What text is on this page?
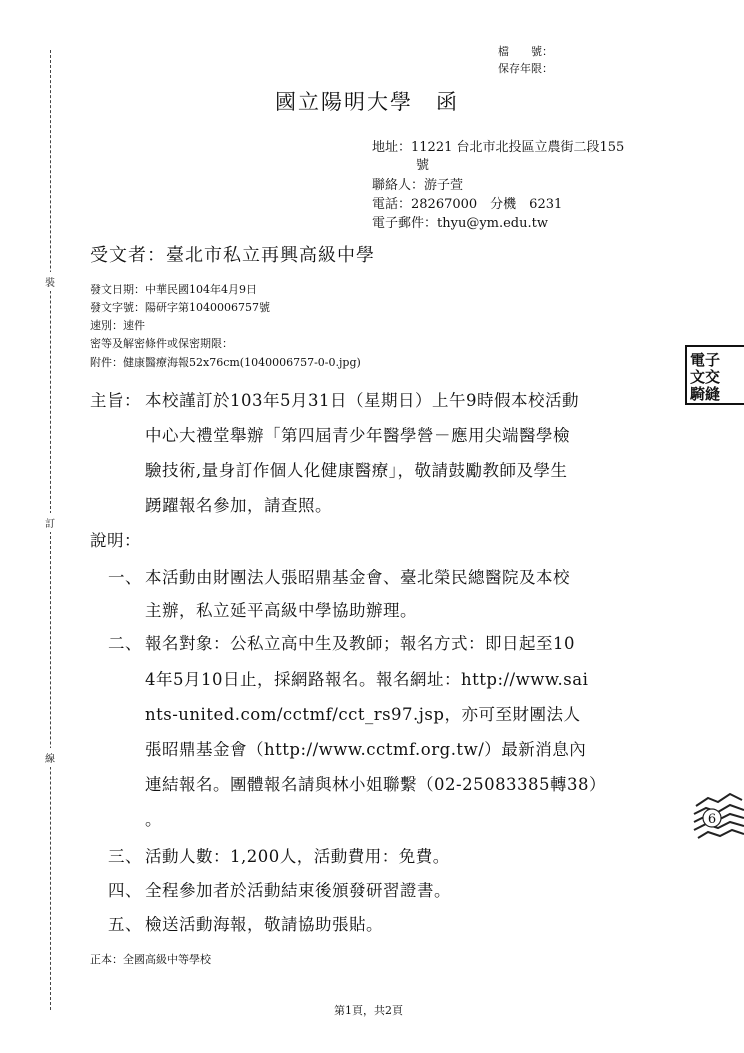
裝
訂
線
檔　　號：
保存年限：
國立陽明大學　函
地址：11221 台北市北投區立農街二段155
號
聯絡人：游子萱
電話：28267000　分機　6231
電子郵件：thyu@ym.edu.tw
受文者：臺北市私立再興高級中學
發文日期：中華民國104年4月9日
發文字號：陽研字第1040006757號
速別：速件
密等及解密條件或保密期限：
附件：健康醫療海報52x76cm(1040006757-0-0.jpg)
主旨： 本校謹訂於103年5月31日（星期日）上午9時假本校活動
中心大禮堂舉辦「第四屆青少年醫學營－應用尖端醫學檢
驗技術,量身訂作個人化健康醫療」，敬請鼓勵教師及學生
踴躍報名參加，請查照。
說明：
一、 本活動由財團法人張昭鼎基金會、臺北榮民總醫院及本校
主辦，私立延平高級中學協助辦理。
二、 報名對象：公私立高中生及教師；報名方式：即日起至10
4年5月10日止，採網路報名。報名網址：http://www.sai
nts-united.com/cctmf/cct_rs97.jsp，亦可至財團法人
張昭鼎基金會（http://www.cctmf.org.tw/）最新消息內
連結報名。團體報名請與林小姐聯繫（02-25083385轉38）
。
三、 活動人數：1,200人，活動費用：免費。
四、 全程參加者於活動結束後頒發研習證書。
五、 檢送活動海報，敬請協助張貼。
正本：全國高級中等學校
第1頁，共2頁
電子
文交
騎縫
6
